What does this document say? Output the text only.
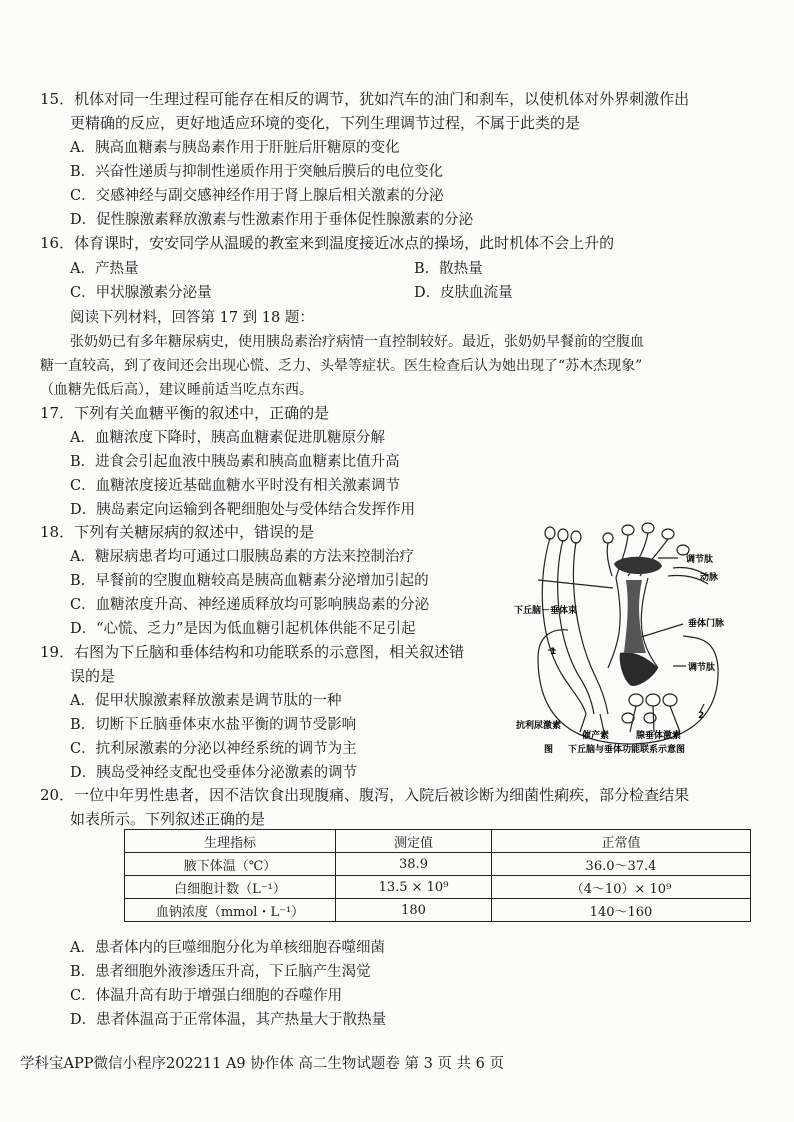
15．机体对同一生理过程可能存在相反的调节，犹如汽车的油门和刹车，以使机体对外界刺激作出
更精确的反应，更好地适应环境的变化，下列生理调节过程，不属于此类的是
A．胰高血糖素与胰岛素作用于肝脏后肝糖原的变化
B．兴奋性递质与抑制性递质作用于突触后膜后的电位变化
C．交感神经与副交感神经作用于肾上腺后相关激素的分泌
D．促性腺激素释放激素与性激素作用于垂体促性腺激素的分泌
16．体育课时，安安同学从温暖的教室来到温度接近冰点的操场，此时机体不会上升的
A．产热量	B．散热量
C．甲状腺激素分泌量	D．皮肤血流量
阅读下列材料，回答第 17 到 18 题：
张奶奶已有多年糖尿病史，使用胰岛素治疗病情一直控制较好。最近，张奶奶早餐前的空腹血
糖一直较高，到了夜间还会出现心慌、乏力、头晕等症状。医生检查后认为她出现了“苏木杰现象”
（血糖先低后高），建议睡前适当吃点东西。
17．下列有关血糖平衡的叙述中，正确的是
A．血糖浓度下降时，胰高血糖素促进肌糖原分解
B．进食会引起血液中胰岛素和胰高血糖素比值升高
C．血糖浓度接近基础血糖水平时没有相关激素调节
D．胰岛素定向运输到各靶细胞处与受体结合发挥作用
18．下列有关糖尿病的叙述中，错误的是
A．糖尿病患者均可通过口服胰岛素的方法来控制治疗
B．早餐前的空腹血糖较高是胰高血糖素分泌增加引起的
C．血糖浓度升高、神经递质释放均可影响胰岛素的分泌
D．“心慌、乏力”是因为低血糖引起机体供能不足引起
19．右图为下丘脑和垂体结构和功能联系的示意图，相关叙述错
误的是
A．促甲状腺激素释放激素是调节肽的一种
B．切断下丘脑垂体束水盐平衡的调节受影响
C．抗利尿激素的分泌以神经系统的调节为主
D．胰岛受神经支配也受垂体分泌激素的调节
调节肽
动脉
下丘脑－垂体束
垂体门脉
1
调节肽
2
抗利尿激素
催产素	腺垂体激素
图 下丘脑与垂体功能联系示意图
20．一位中年男性患者，因不洁饮食出现腹痛、腹泻，入院后被诊断为细菌性痢疾，部分检查结果
如表所示。下列叙述正确的是
生理指标	测定值	正常值
腋下体温（℃）	38.9	36.0～37.4
白细胞计数（L⁻¹）	13.5 × 10⁹	（4～10）× 10⁹
血钠浓度（mmol・L⁻¹）	180	140～160
A．患者体内的巨噬细胞分化为单核细胞吞噬细菌
B．患者细胞外液渗透压升高，下丘脑产生渴觉
C．体温升高有助于增强白细胞的吞噬作用
D．患者体温高于正常体温，其产热量大于散热量
学科宝APP微信小程序202211 A9 协作体 高二生物试题卷 第 3 页 共 6 页
